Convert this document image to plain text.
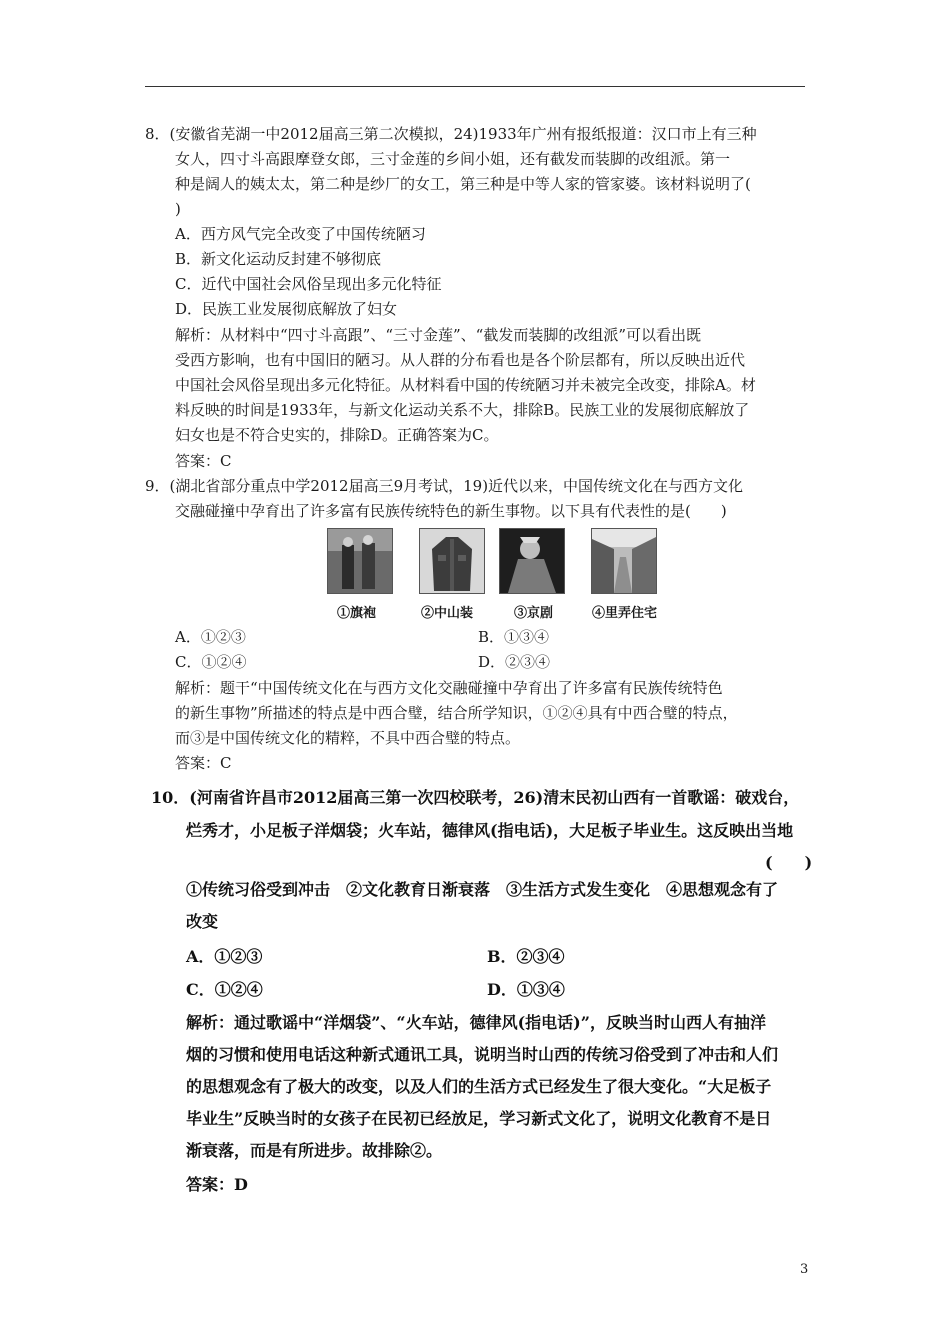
8．(安徽省芜湖一中2012届高三第二次模拟，24)1933年广州有报纸报道：汉口市上有三种
女人，四寸斗高跟摩登女郎，三寸金莲的乡间小姐，还有截发而装脚的改组派。第一
种是阔人的姨太太，第二种是纱厂的女工，第三种是中等人家的管家婆。该材料说明了(
)
A．西方风气完全改变了中国传统陋习
B．新文化运动反封建不够彻底
C．近代中国社会风俗呈现出多元化特征
D．民族工业发展彻底解放了妇女
解析：从材料中“四寸斗高跟”、“三寸金莲”、“截发而装脚的改组派”可以看出既
受西方影响，也有中国旧的陋习。从人群的分布看也是各个阶层都有，所以反映出近代
中国社会风俗呈现出多元化特征。从材料看中国的传统陋习并未被完全改变，排除A。材
料反映的时间是1933年，与新文化运动关系不大，排除B。民族工业的发展彻底解放了
妇女也是不符合史实的，排除D。正确答案为C。
答案：C
9．(湖北省部分重点中学2012届高三9月考试，19)近代以来，中国传统文化在与西方文化
交融碰撞中孕育出了许多富有民族传统特色的新生事物。以下具有代表性的是(　　)
①旗袍	②中山装	③京剧	④里弄住宅
A．①②③	B．①③④
C．①②④	D．②③④
解析：题干“中国传统文化在与西方文化交融碰撞中孕育出了许多富有民族传统特色
的新生事物”所描述的特点是中西合璧，结合所学知识，①②④具有中西合璧的特点，
而③是中国传统文化的精粹，不具中西合璧的特点。
答案：C
10．(河南省许昌市2012届高三第一次四校联考，26)清末民初山西有一首歌谣：破戏台，
烂秀才，小足板子洋烟袋；火车站，德律风(指电话)，大足板子毕业生。这反映出当地
(　　)
①传统习俗受到冲击　②文化教育日渐衰落　③生活方式发生变化　④思想观念有了
改变
A．①②③	B．②③④
C．①②④	D．①③④
解析：通过歌谣中“洋烟袋”、“火车站，德律风(指电话)”，反映当时山西人有抽洋
烟的习惯和使用电话这种新式通讯工具，说明当时山西的传统习俗受到了冲击和人们
的思想观念有了极大的改变，以及人们的生活方式已经发生了很大变化。“大足板子
毕业生”反映当时的女孩子在民初已经放足，学习新式文化了，说明文化教育不是日
渐衰落，而是有所进步。故排除②。
答案：D
3
